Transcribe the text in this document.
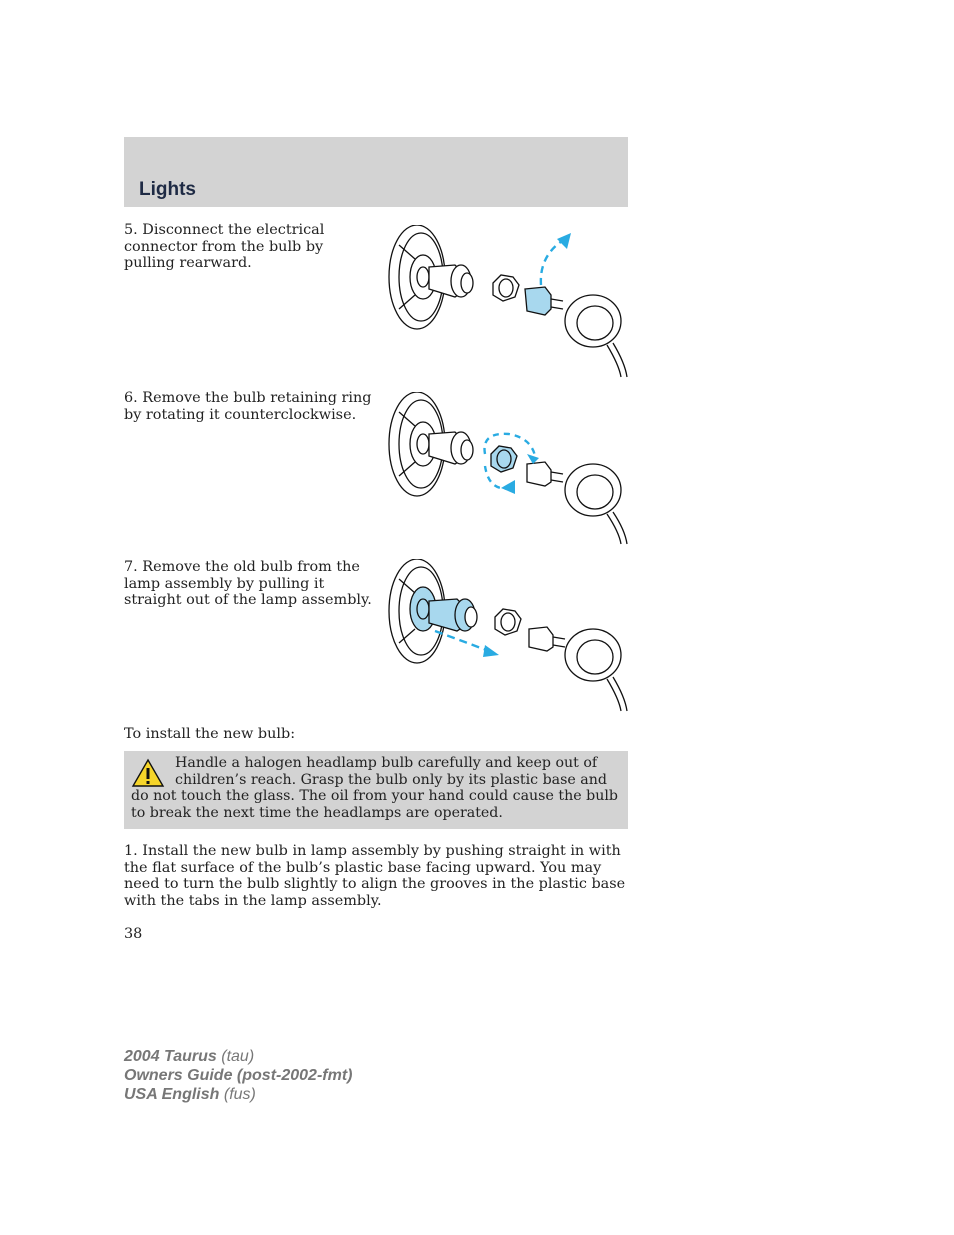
Lights
5. Disconnect the electrical connector from the bulb by pulling rearward.
6. Remove the bulb retaining ring by rotating it counterclockwise.
7. Remove the old bulb from the lamp assembly by pulling it straight out of the lamp assembly.
To install the new bulb:
Handle a halogen headlamp bulb carefully and keep out of children’s reach. Grasp the bulb only by its plastic base and do not touch the glass. The oil from your hand could cause the bulb to break the next time the headlamps are operated.
1. Install the new bulb in lamp assembly by pushing straight in with the flat surface of the bulb’s plastic base facing upward. You may need to turn the bulb slightly to align the grooves in the plastic base with the tabs in the lamp assembly.
38
2004 Taurus (tau)
Owners Guide (post-2002-fmt)
USA English (fus)
